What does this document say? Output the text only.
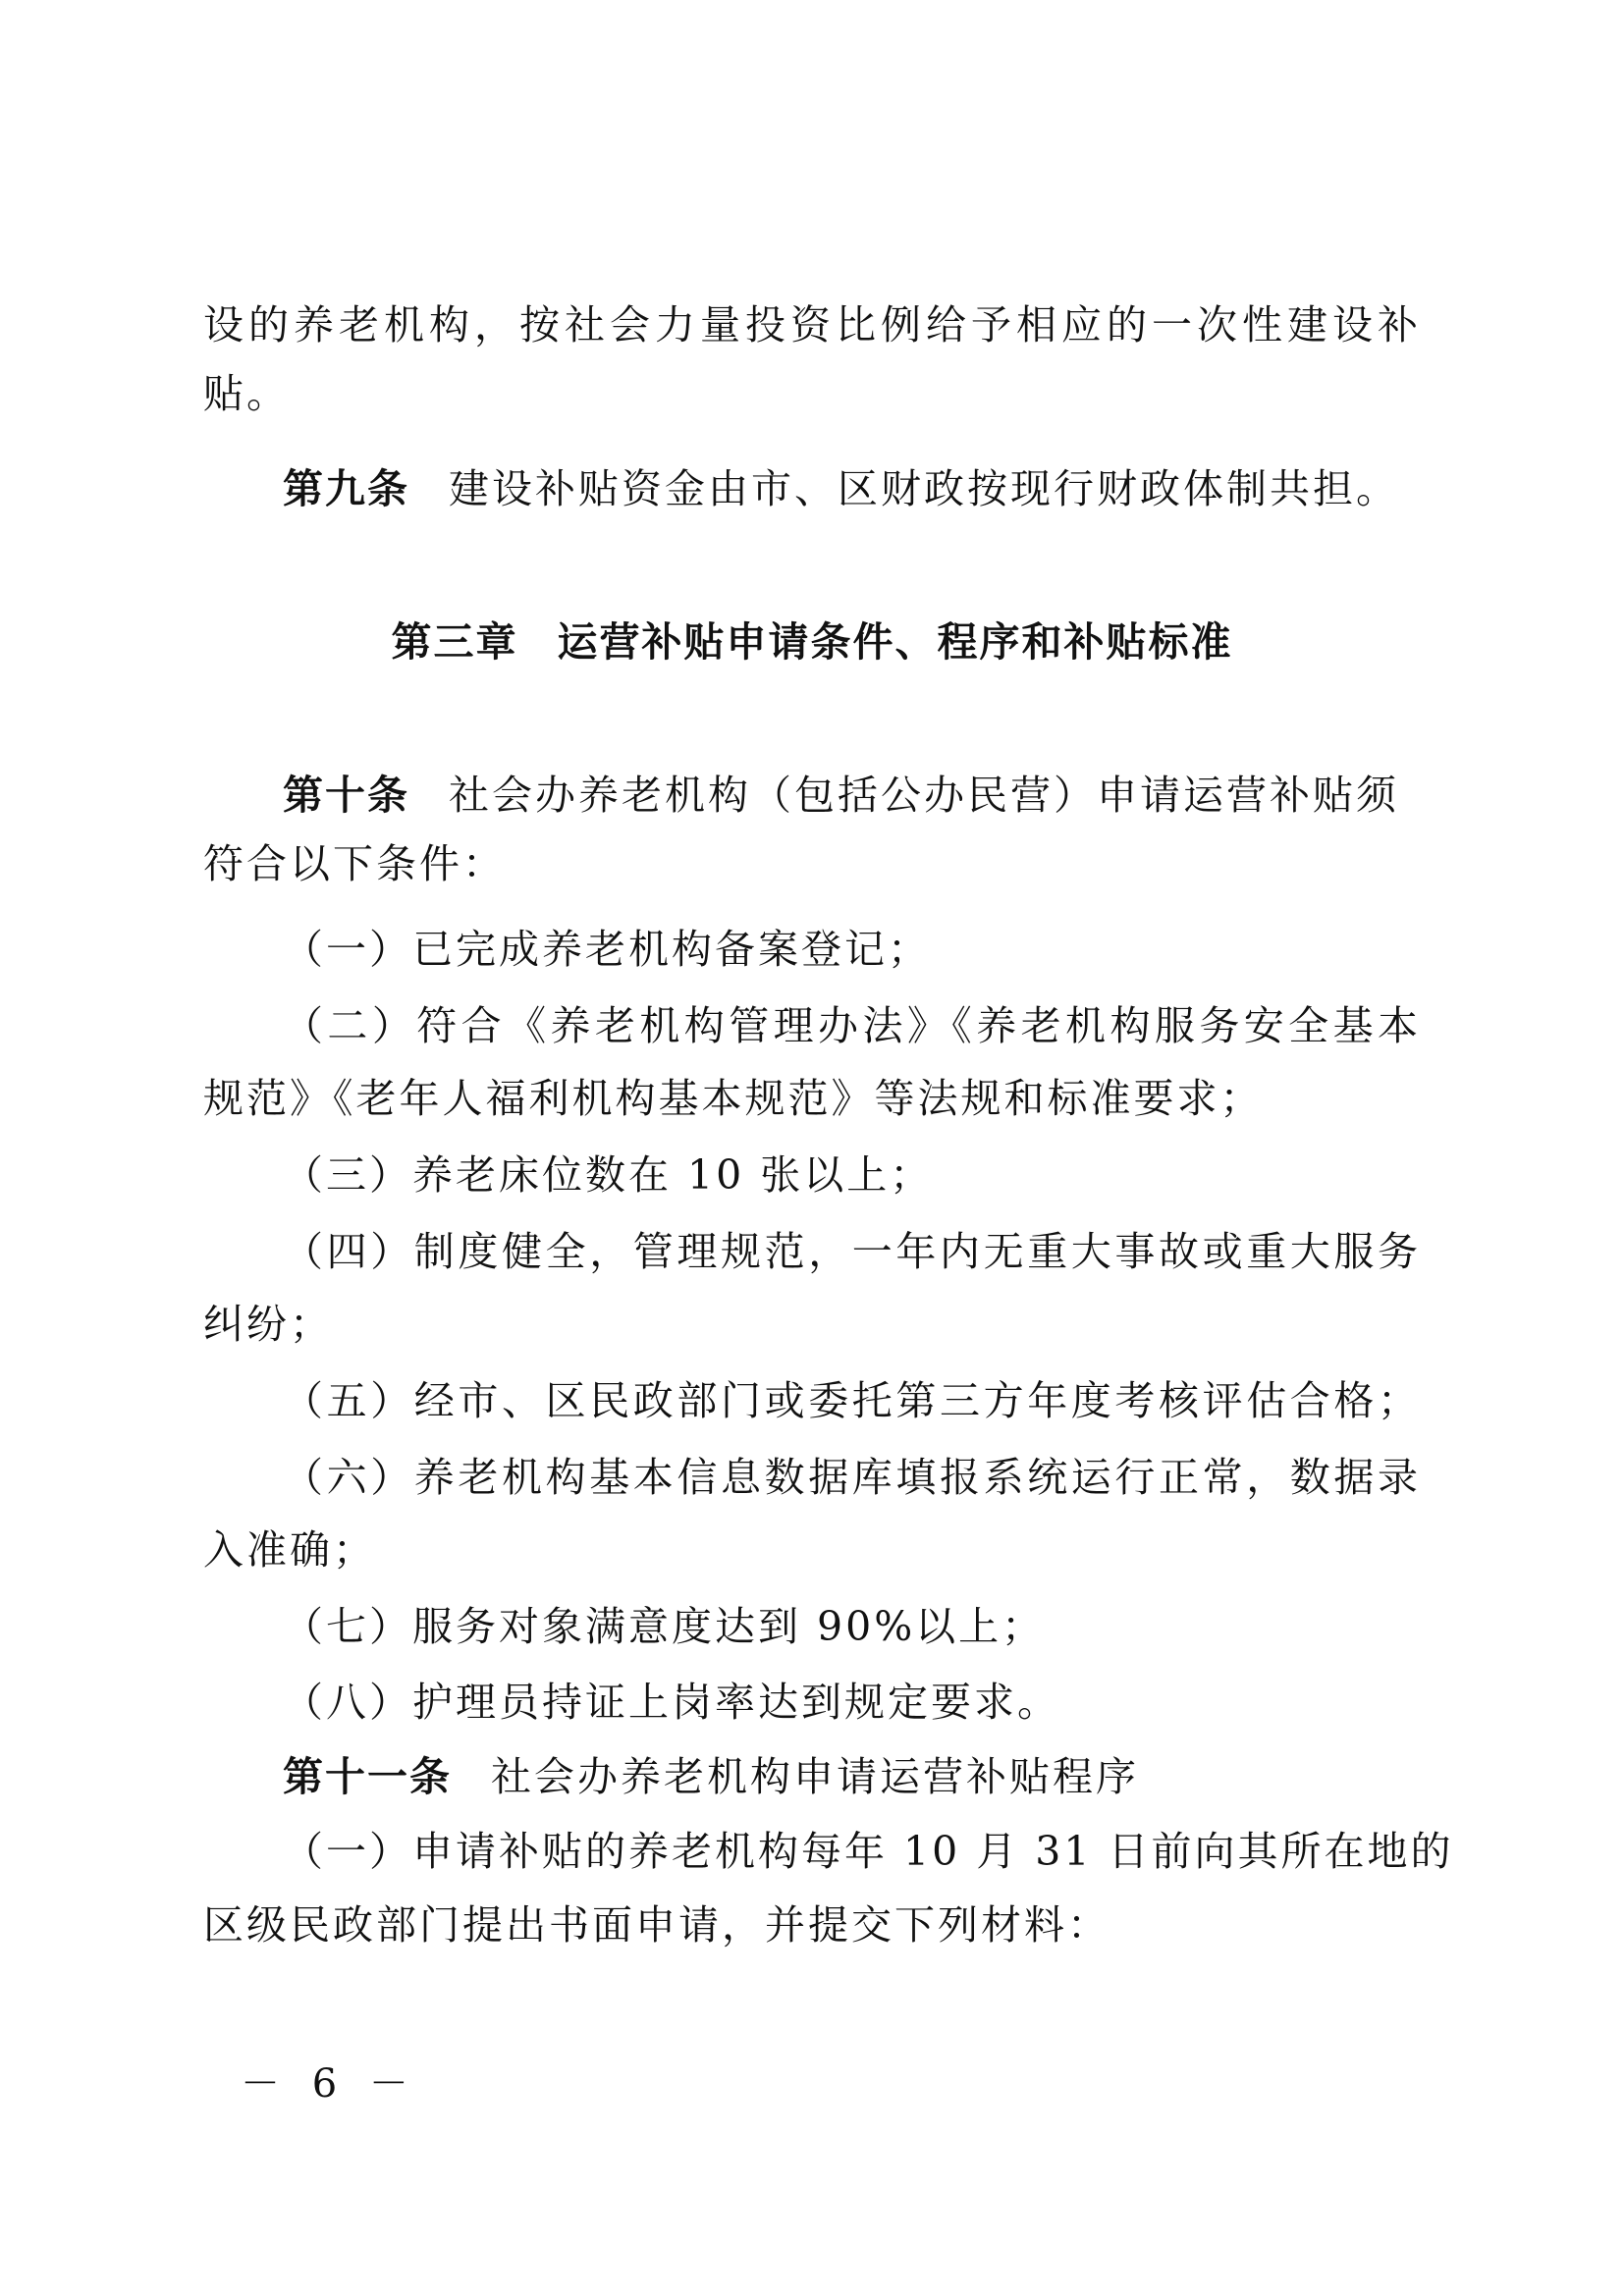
设的养老机构，按社会力量投资比例给予相应的一次性建设补
贴。
第九条 建设补贴资金由市、区财政按现行财政体制共担。
第三章 运营补贴申请条件、程序和补贴标准
第十条 社会办养老机构（包括公办民营）申请运营补贴须
符合以下条件：
（一）已完成养老机构备案登记；
（二）符合《养老机构管理办法》《养老机构服务安全基本
规范》《老年人福利机构基本规范》等法规和标准要求；
（三）养老床位数在 10 张以上；
（四）制度健全，管理规范，一年内无重大事故或重大服务
纠纷；
（五）经市、区民政部门或委托第三方年度考核评估合格；
（六）养老机构基本信息数据库填报系统运行正常，数据录
入准确；
（七）服务对象满意度达到 90%以上；
（八）护理员持证上岗率达到规定要求。
第十一条 社会办养老机构申请运营补贴程序
（一）申请补贴的养老机构每年 10 月 31 日前向其所在地的
区级民政部门提出书面申请，并提交下列材料：
－ 6 －
